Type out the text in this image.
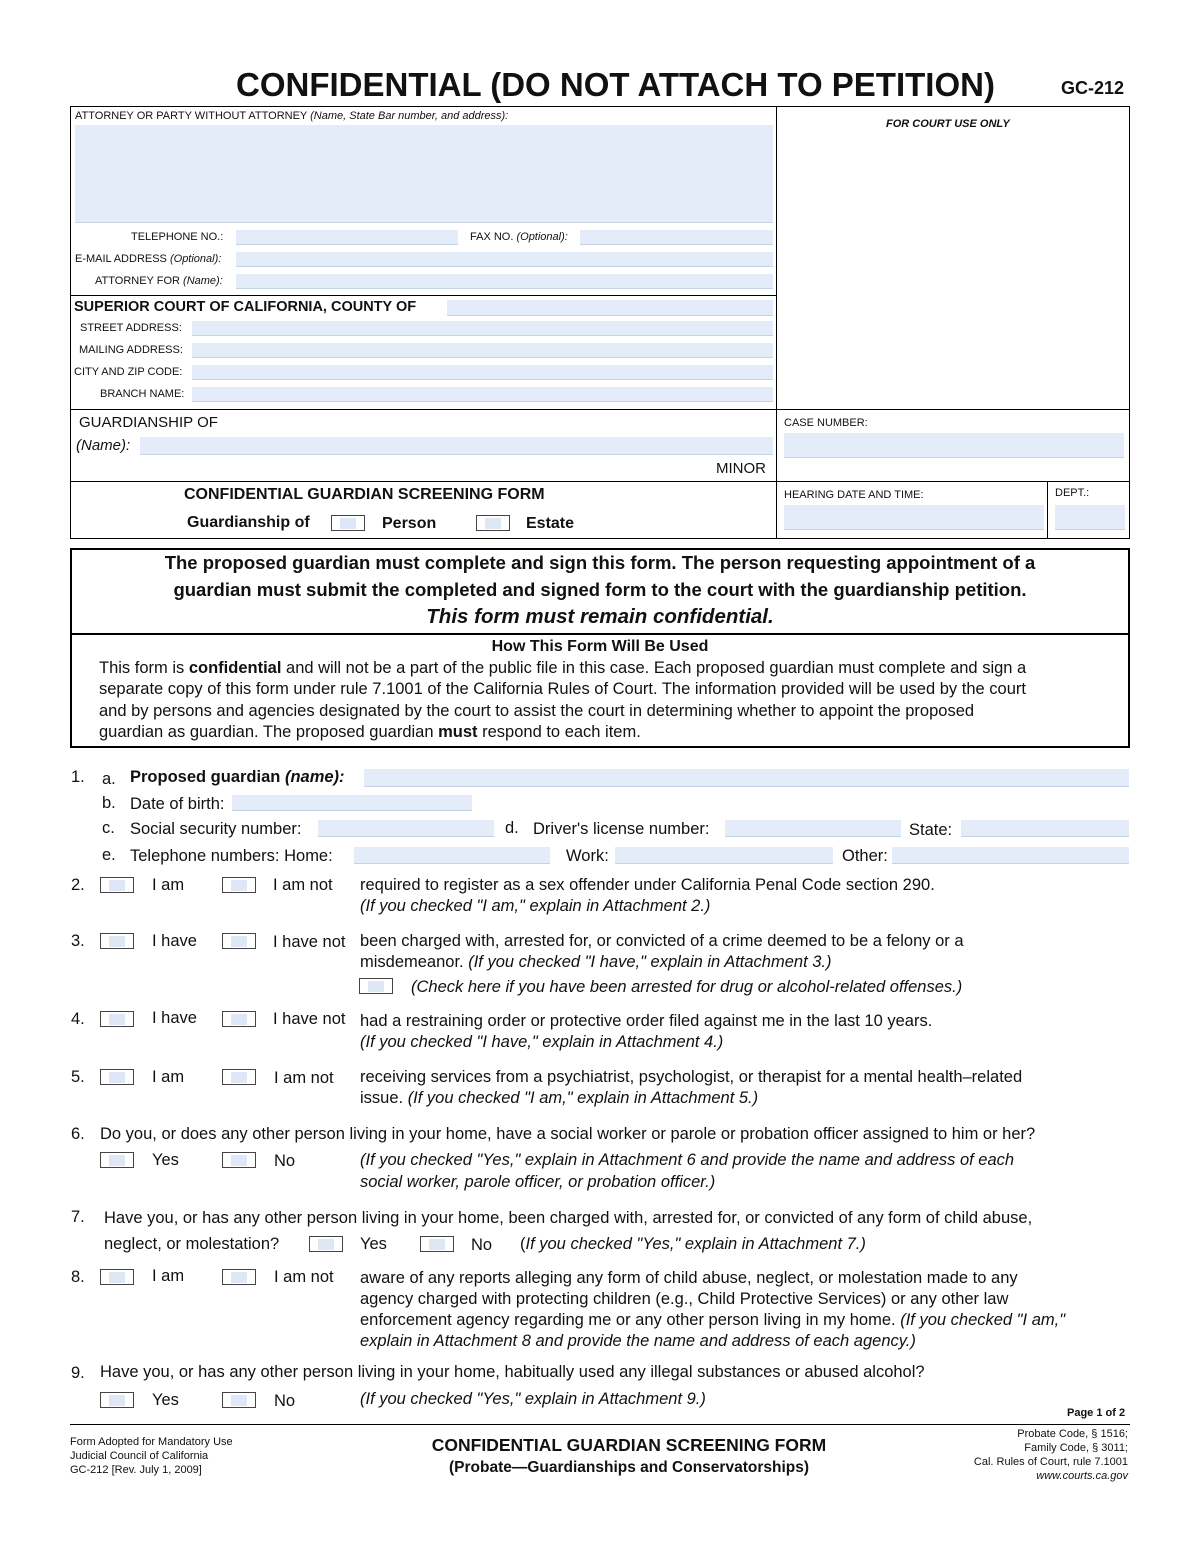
CONFIDENTIAL (DO NOT ATTACH TO PETITION)	GC-212
ATTORNEY OR PARTY WITHOUT ATTORNEY (Name, State Bar number, and address):
TELEPHONE NO.:	FAX NO. (Optional):
E-MAIL ADDRESS (Optional):
ATTORNEY FOR (Name):
FOR COURT USE ONLY
SUPERIOR COURT OF CALIFORNIA, COUNTY OF
STREET ADDRESS:
MAILING ADDRESS:
CITY AND ZIP CODE:
BRANCH NAME:
GUARDIANSHIP OF
(Name):
MINOR
CASE NUMBER:
CONFIDENTIAL GUARDIAN SCREENING FORM
Guardianship of	Person	Estate
HEARING DATE AND TIME:	DEPT.:
The proposed guardian must complete and sign this form. The person requesting appointment of a
guardian must submit the completed and signed form to the court with the guardianship petition.
This form must remain confidential.
How This Form Will Be Used
This form is confidential and will not be a part of the public file in this case. Each proposed guardian must complete and sign a
separate copy of this form under rule 7.1001 of the California Rules of Court. The information provided will be used by the court
and by persons and agencies designated by the court to assist the court in determining whether to appoint the proposed
guardian as guardian. The proposed guardian must respond to each item.
1. a. Proposed guardian (name):
b. Date of birth:
c. Social security number:	d. Driver's license number:	State:
e. Telephone numbers: Home:	Work:	Other:
2.	I am	I am not required to register as a sex offender under California Penal Code section 290.
(If you checked "I am," explain in Attachment 2.)
3.	I have	I have not been charged with, arrested for, or convicted of a crime deemed to be a felony or a
misdemeanor. (If you checked "I have," explain in Attachment 3.)
(Check here if you have been arrested for drug or alcohol-related offenses.)
4.	I have	I have not had a restraining order or protective order filed against me in the last 10 years.
(If you checked "I have," explain in Attachment 4.)
5.	I am	I am not receiving services from a psychiatrist, psychologist, or therapist for a mental health–related
issue. (If you checked "I am," explain in Attachment 5.)
6. Do you, or does any other person living in your home, have a social worker or parole or probation officer assigned to him or her?
Yes	No	(If you checked "Yes," explain in Attachment 6 and provide the name and address of each
social worker, parole officer, or probation officer.)
7. Have you, or has any other person living in your home, been charged with, arrested for, or convicted of any form of child abuse,
neglect, or molestation?	Yes	No (If you checked "Yes," explain in Attachment 7.)
8.	I am	I am not aware of any reports alleging any form of child abuse, neglect, or molestation made to any
agency charged with protecting children (e.g., Child Protective Services) or any other law
enforcement agency regarding me or any other person living in my home. (If you checked "I am,"
explain in Attachment 8 and provide the name and address of each agency.)
9. Have you, or has any other person living in your home, habitually used any illegal substances or abused alcohol?
Yes	No	(If you checked "Yes," explain in Attachment 9.)
Page 1 of 2
Form Adopted for Mandatory Use
Judicial Council of California
GC-212 [Rev. July 1, 2009]
CONFIDENTIAL GUARDIAN SCREENING FORM
(Probate—Guardianships and Conservatorships)
Probate Code, § 1516;
Family Code, § 3011;
Cal. Rules of Court, rule 7.1001
www.courts.ca.gov
